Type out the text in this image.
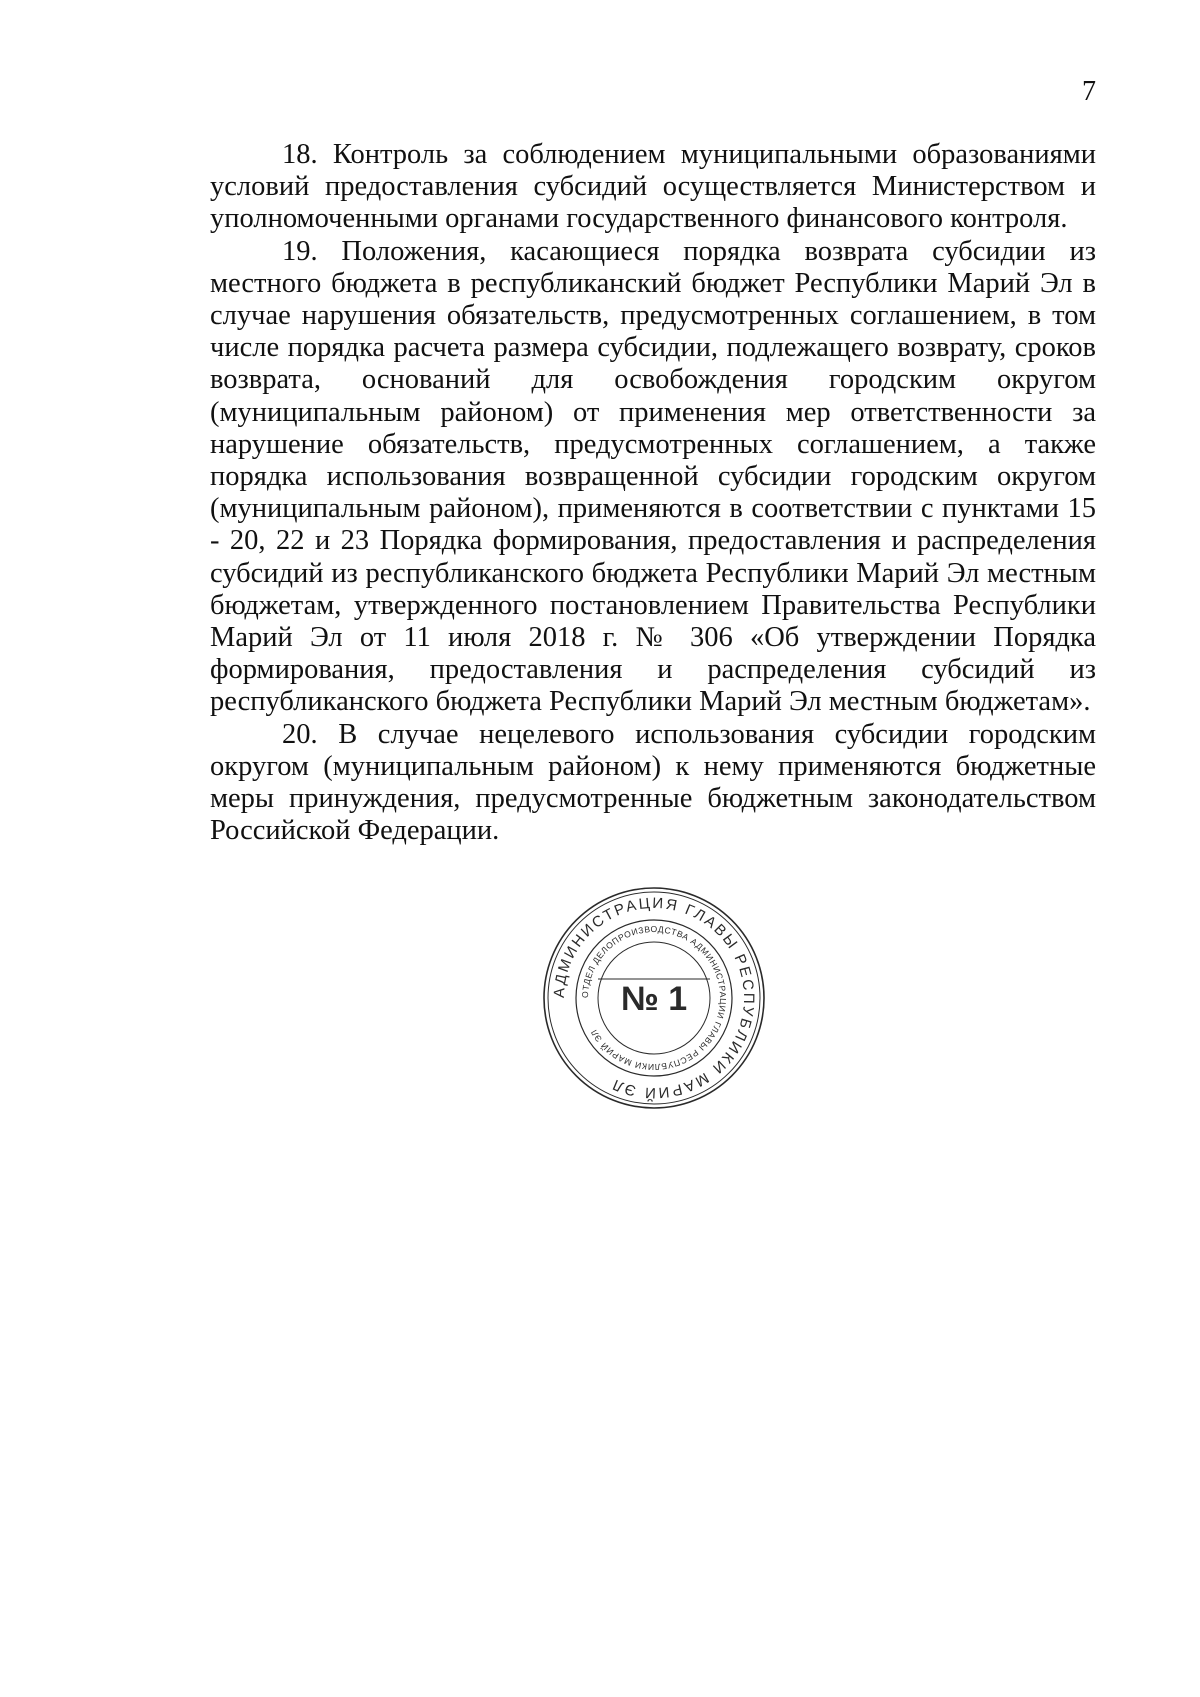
7

18. Контроль за соблюдением муниципальными образованиями условий предоставления субсидий осуществляется Министерством и уполномоченными органами государственного финансового контроля.

19. Положения, касающиеся порядка возврата субсидии из местного бюджета в республиканский бюджет Республики Марий Эл в случае нарушения обязательств, предусмотренных соглашением, в том числе порядка расчета размера субсидии, подлежащего возврату, сроков возврата, оснований для освобождения городским округом (муниципальным районом) от применения мер ответственности за нарушение обязательств, предусмотренных соглашением, а также порядка использования возвращенной субсидии городским округом (муниципальным районом), применяются в соответствии с пунктами 15 - 20, 22 и 23 Порядка формирования, предоставления и распределения субсидий из республиканского бюджета Республики Марий Эл местным бюджетам, утвержденного постановлением Правительства Республики Марий Эл от 11 июля 2018 г. № 306 «Об утверждении Порядка формирования, предоставления и распределения субсидий из республиканского бюджета Республики Марий Эл местным бюджетам».

20. В случае нецелевого использования субсидии городским округом (муниципальным районом) к нему применяются бюджетные меры принуждения, предусмотренные бюджетным законодательством Российской Федерации.

АДМИНИСТРАЦИЯ ГЛАВЫ РЕСПУБЛИКИ МАРИЙ ЭЛ
ОТДЕЛ ДЕЛОПРОИЗВОДСТВА АДМИНИСТРАЦИИ ГЛАВЫ РЕСПУБЛИКИ МАРИЙ ЭЛ
№ 1
